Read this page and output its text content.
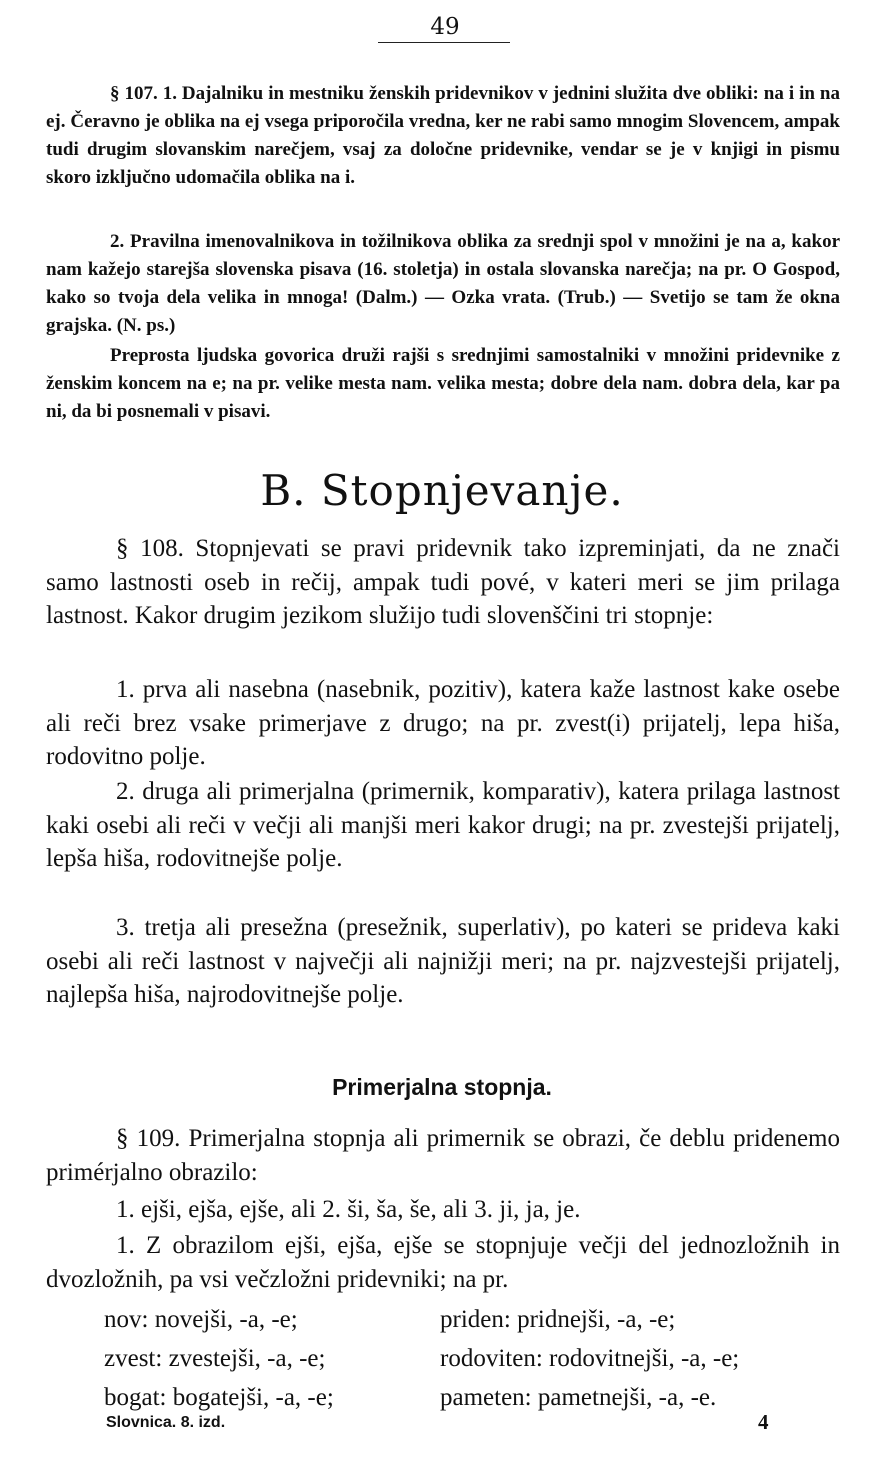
49
§ 107. 1. Dajalniku in mestniku ženskih pridevnikov v jednini služita dve obliki: na i in na ej. Čeravno je oblika na ej vsega priporočila vredna, ker ne rabi samo mnogim Slovencem, ampak tudi drugim slovanskim narečjem, vsaj za določne pridevnike, vendar se je v knjigi in pismu skoro izključno udomačila oblika na i.
2. Pravilna imenovalnikova in tožilnikova oblika za srednji spol v množini je na a, kakor nam kažejo starejša slovenska pisava (16. stoletja) in ostala slovanska narečja; na pr. O Gospod, kako so tvoja dela velika in mnoga! (Dalm.) — Ozka vrata. (Trub.) — Svetijo se tam že okna grajska. (N. ps.)
Preprosta ljudska govorica druži rajši s srednjimi samostalniki v množini pridevnike z ženskim koncem na e; na pr. velike mesta nam. velika mesta; dobre dela nam. dobra dela, kar pa ni, da bi posnemali v pisavi.
B. Stopnjevanje.
§ 108. Stopnjevati se pravi pridevnik tako izpreminjati, da ne znači samo lastnosti oseb in rečij, ampak tudi pové, v kateri meri se jim prilaga lastnost. Kakor drugim jezikom služijo tudi slovenščini tri stopnje:
1. prva ali nasebna (nasebnik, pozitiv), katera kaže lastnost kake osebe ali reči brez vsake primerjave z drugo; na pr. zvest(i) prijatelj, lepa hiša, rodovitno polje.
2. druga ali primerjalna (primernik, komparativ), katera prilaga lastnost kaki osebi ali reči v večji ali manjši meri kakor drugi; na pr. zvestejši prijatelj, lepša hiša, rodovitnejše polje.
3. tretja ali presežna (presežnik, superlativ), po kateri se prideva kaki osebi ali reči lastnost v največji ali najnižji meri; na pr. najzvestejši prijatelj, najlepša hiša, najrodovitnejše polje.
Primerjalna stopnja.
§ 109. Primerjalna stopnja ali primernik se obrazi, če deblu pridenemo primérjalno obrazilo:
1. ejši, ejša, ejše, ali 2. ši, ša, še, ali 3. ji, ja, je.
1. Z obrazilom ejši, ejša, ejše se stopnjuje večji del jednozložnih in dvozložnih, pa vsi večzložni pridevniki; na pr.
nov: novejši, -a, -e;	priden: pridnejši, -a, -e;
zvest: zvestejši, -a, -e;	rodoviten: rodovitnejši, -a, -e;
bogat: bogatejši, -a, -e;	pameten: pametnejši, -a, -e.
Slovnica. 8. izd.	4
